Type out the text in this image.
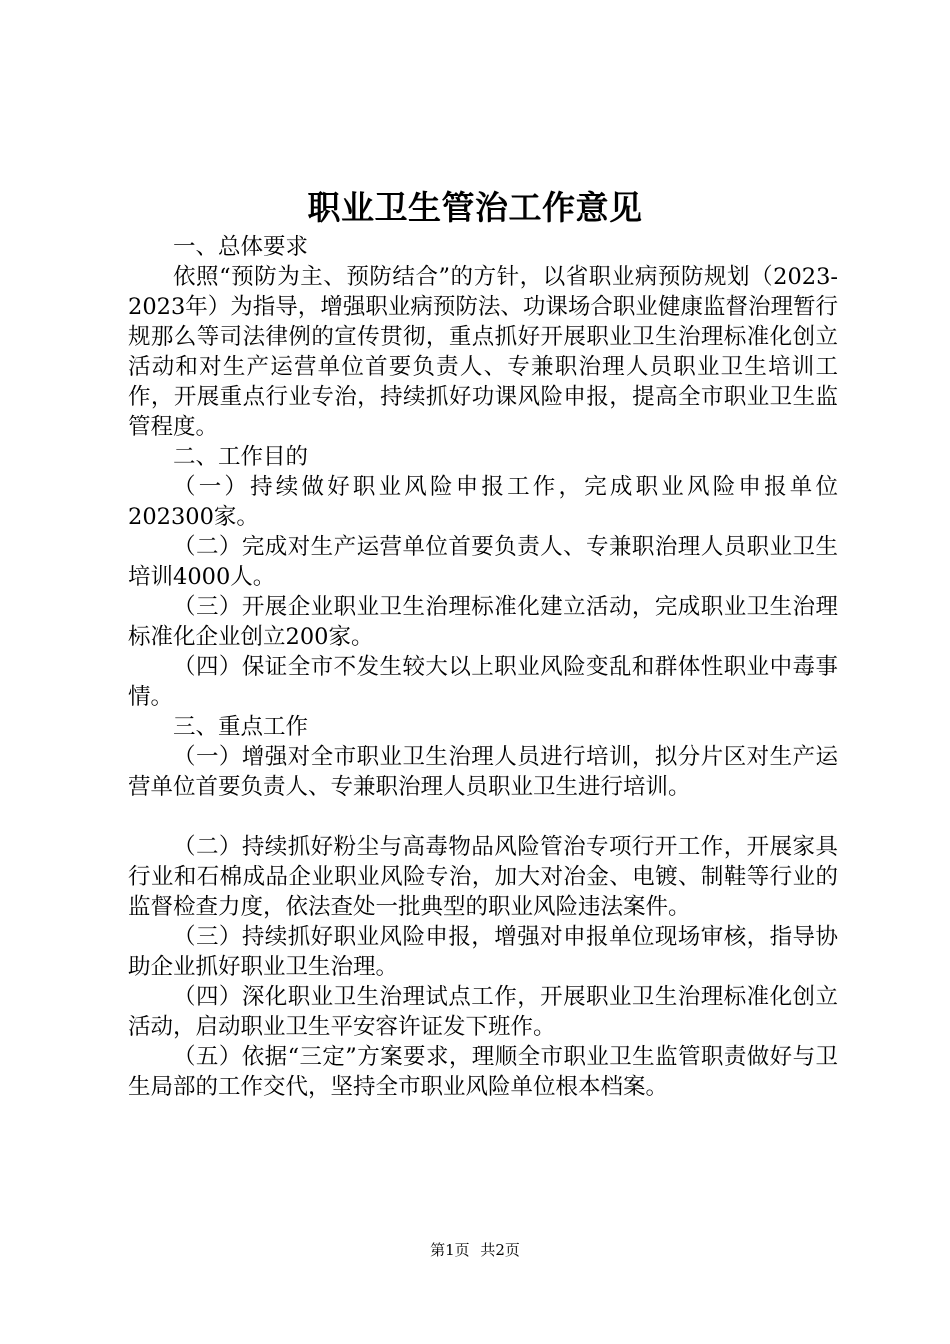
职业卫生管治工作意见

一、总体要求

依照“预防为主、预防结合”的方针，以省职业病预防规划（2023-2023年）为指导，增强职业病预防法、功课场合职业健康监督治理暂行规那么等司法律例的宣传贯彻，重点抓好开展职业卫生治理标准化创立活动和对生产运营单位首要负责人、专兼职治理人员职业卫生培训工作，开展重点行业专治，持续抓好功课风险申报，提高全市职业卫生监管程度。

二、工作目的

（一）持续做好职业风险申报工作，完成职业风险申报单位202300家。

（二）完成对生产运营单位首要负责人、专兼职治理人员职业卫生培训4000人。

（三）开展企业职业卫生治理标准化建立活动，完成职业卫生治理标准化企业创立200家。

（四）保证全市不发生较大以上职业风险变乱和群体性职业中毒事情。

三、重点工作

（一）增强对全市职业卫生治理人员进行培训，拟分片区对生产运营单位首要负责人、专兼职治理人员职业卫生进行培训。

（二）持续抓好粉尘与高毒物品风险管治专项行开工作，开展家具行业和石棉成品企业职业风险专治，加大对冶金、电镀、制鞋等行业的监督检查力度，依法查处一批典型的职业风险违法案件。

（三）持续抓好职业风险申报，增强对申报单位现场审核，指导协助企业抓好职业卫生治理。

（四）深化职业卫生治理试点工作，开展职业卫生治理标准化创立活动，启动职业卫生平安容许证发下班作。

（五）依据“三定”方案要求，理顺全市职业卫生监管职责做好与卫生局部的工作交代，坚持全市职业风险单位根本档案。

第1页 共2页
